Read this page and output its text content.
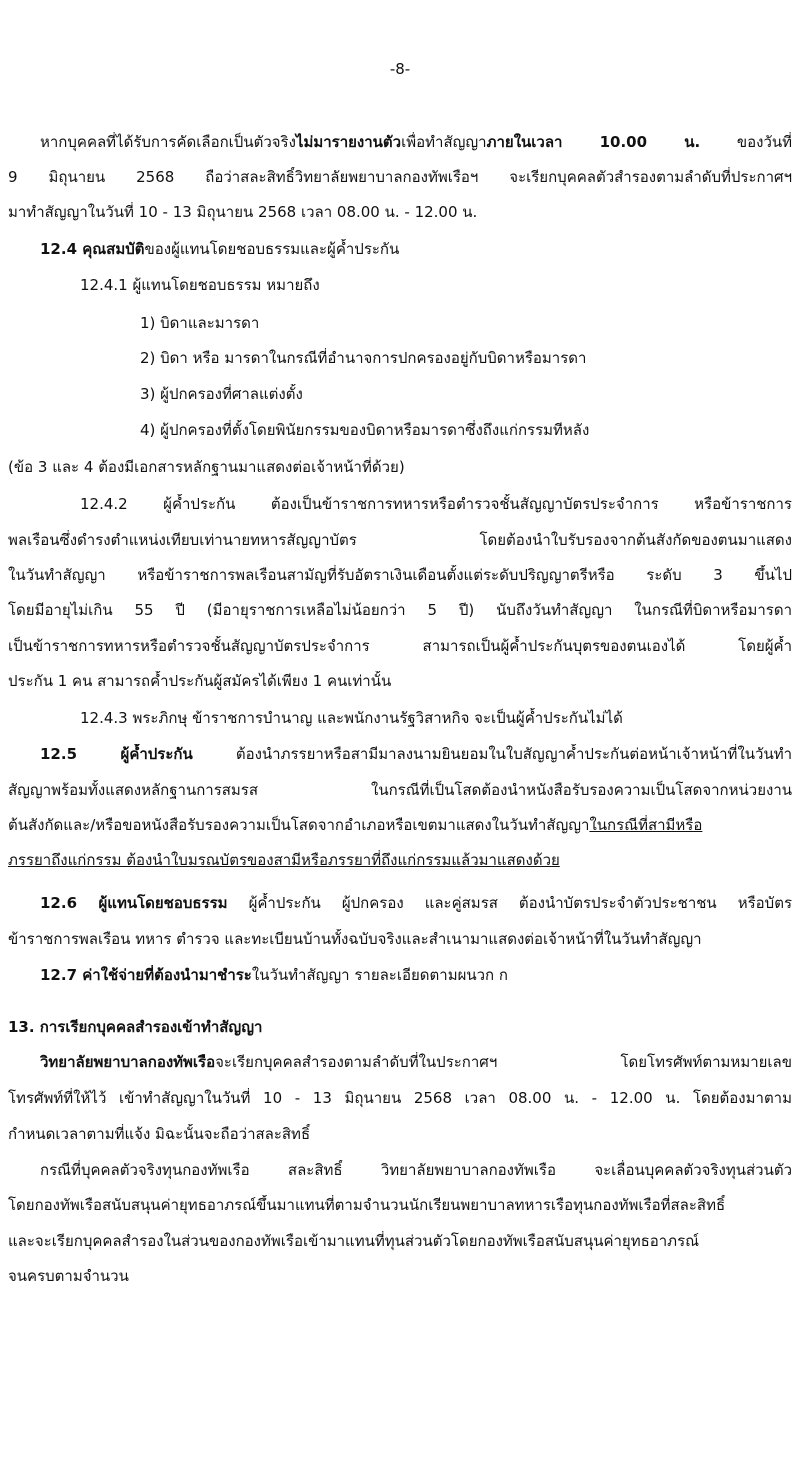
-8-
หากบุคคลที่ได้รับการคัดเลือกเป็นตัวจริงไม่มารายงานตัวเพื่อทำสัญญาภายในเวลา 10.00 น. ของวันที่
9 มิถุนายน 2568 ถือว่าสละสิทธิ์วิทยาลัยพยาบาลกองทัพเรือฯ จะเรียกบุคคลตัวสำรองตามลำดับที่ประกาศฯ
มาทำสัญญาในวันที่ 10 - 13 มิถุนายน 2568 เวลา 08.00 น. - 12.00 น.
12.4 คุณสมบัติของผู้แทนโดยชอบธรรมและผู้ค้ำประกัน
12.4.1 ผู้แทนโดยชอบธรรม หมายถึง
1) บิดาและมารดา
2) บิดา หรือ มารดาในกรณีที่อำนาจการปกครองอยู่กับบิดาหรือมารดา
3) ผู้ปกครองที่ศาลแต่งตั้ง
4) ผู้ปกครองที่ตั้งโดยพินัยกรรมของบิดาหรือมารดาซึ่งถึงแก่กรรมทีหลัง
(ข้อ 3 และ 4 ต้องมีเอกสารหลักฐานมาแสดงต่อเจ้าหน้าที่ด้วย)
12.4.2 ผู้ค้ำประกัน ต้องเป็นข้าราชการทหารหรือตำรวจชั้นสัญญาบัตรประจำการ หรือข้าราชการ
พลเรือนซึ่งดำรงตำแหน่งเทียบเท่านายทหารสัญญาบัตร โดยต้องนำใบรับรองจากต้นสังกัดของตนมาแสดง
ในวันทำสัญญา หรือข้าราชการพลเรือนสามัญที่รับอัตราเงินเดือนตั้งแต่ระดับปริญญาตรีหรือ ระดับ 3 ขึ้นไป
โดยมีอายุไม่เกิน 55 ปี (มีอายุราชการเหลือไม่น้อยกว่า 5 ปี) นับถึงวันทำสัญญา ในกรณีที่บิดาหรือมารดา
เป็นข้าราชการทหารหรือตำรวจชั้นสัญญาบัตรประจำการ สามารถเป็นผู้ค้ำประกันบุตรของตนเองได้ โดยผู้ค้ำ
ประกัน 1 คน สามารถค้ำประกันผู้สมัครได้เพียง 1 คนเท่านั้น
12.4.3 พระภิกษุ ข้าราชการบำนาญ และพนักงานรัฐวิสาหกิจ จะเป็นผู้ค้ำประกันไม่ได้
12.5 ผู้ค้ำประกัน ต้องนำภรรยาหรือสามีมาลงนามยินยอมในใบสัญญาค้ำประกันต่อหน้าเจ้าหน้าที่ในวันทำ
สัญญาพร้อมทั้งแสดงหลักฐานการสมรส ในกรณีที่เป็นโสดต้องนำหนังสือรับรองความเป็นโสดจากหน่วยงาน
ต้นสังกัดและ/หรือขอหนังสือรับรองความเป็นโสดจากอำเภอหรือเขตมาแสดงในวันทำสัญญาในกรณีที่สามีหรือ
ภรรยาถึงแก่กรรม ต้องนำใบมรณบัตรของสามีหรือภรรยาที่ถึงแก่กรรมแล้วมาแสดงด้วย
12.6 ผู้แทนโดยชอบธรรม ผู้ค้ำประกัน ผู้ปกครอง และคู่สมรส ต้องนำบัตรประจำตัวประชาชน หรือบัตร
ข้าราชการพลเรือน ทหาร ตำรวจ และทะเบียนบ้านทั้งฉบับจริงและสำเนามาแสดงต่อเจ้าหน้าที่ในวันทำสัญญา
12.7 ค่าใช้จ่ายที่ต้องนำมาชำระในวันทำสัญญา รายละเอียดตามผนวก ก
13. การเรียกบุคคลสำรองเข้าทำสัญญา
วิทยาลัยพยาบาลกองทัพเรือจะเรียกบุคคลสำรองตามลำดับที่ในประกาศฯ โดยโทรศัพท์ตามหมายเลข
โทรศัพท์ที่ให้ไว้ เข้าทำสัญญาในวันที่ 10 - 13 มิถุนายน 2568 เวลา 08.00 น. - 12.00 น. โดยต้องมาตาม
กำหนดเวลาตามที่แจ้ง มิฉะนั้นจะถือว่าสละสิทธิ์
กรณีที่บุคคลตัวจริงทุนกองทัพเรือ สละสิทธิ์ วิทยาลัยพยาบาลกองทัพเรือ จะเลื่อนบุคคลตัวจริงทุนส่วนตัว
โดยกองทัพเรือสนับสนุนค่ายุทธอาภรณ์ขึ้นมาแทนที่ตามจำนวนนักเรียนพยาบาลทหารเรือทุนกองทัพเรือที่สละสิทธิ์
และจะเรียกบุคคลสำรองในส่วนของกองทัพเรือเข้ามาแทนที่ทุนส่วนตัวโดยกองทัพเรือสนับสนุนค่ายุทธอาภรณ์
จนครบตามจำนวน
